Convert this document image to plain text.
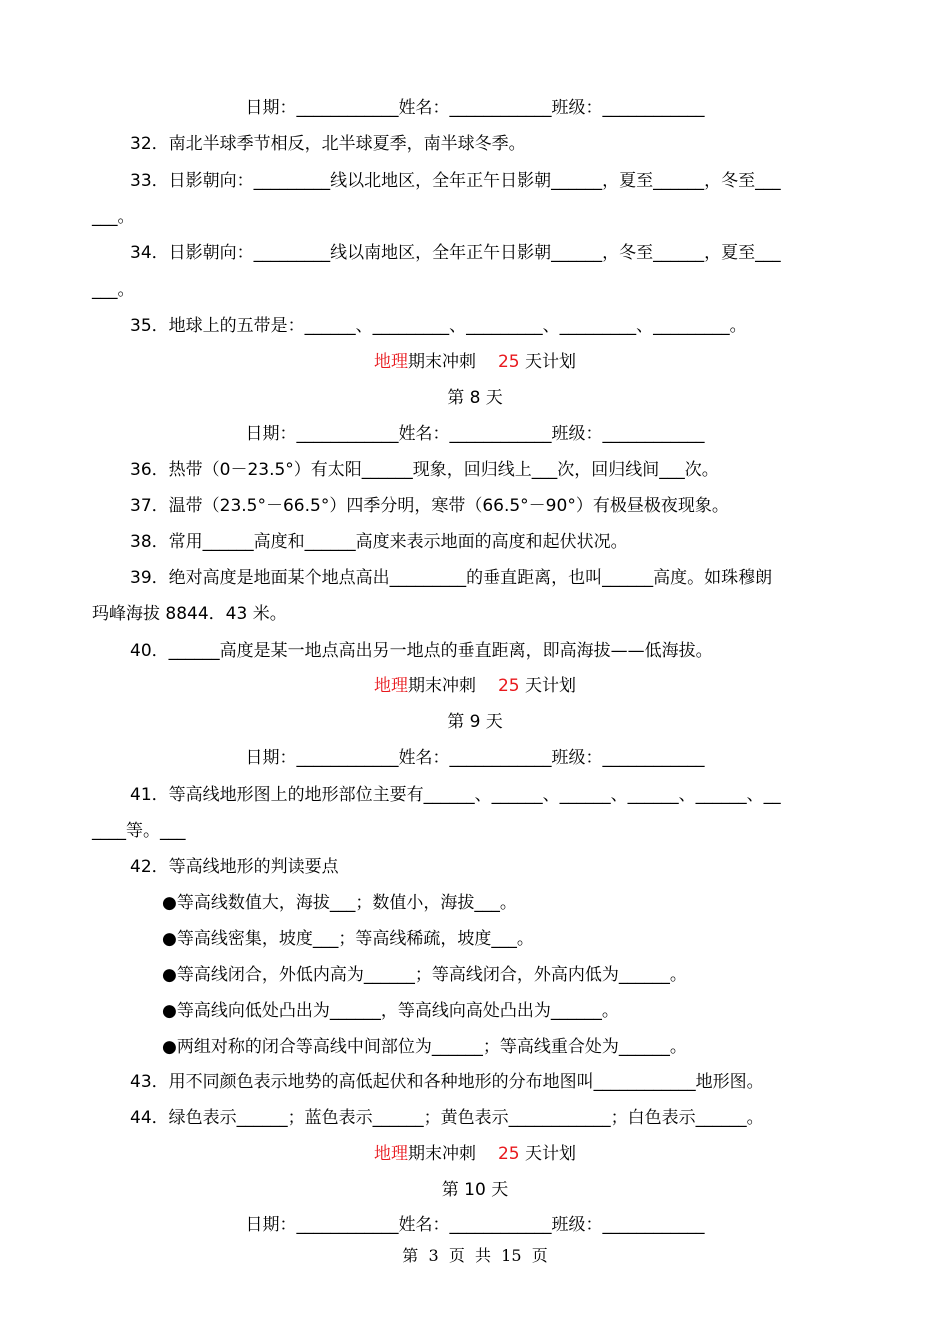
日期：____________姓名：____________班级：____________
32．南北半球季节相反，北半球夏季，南半球冬季。
33．日影朝向：_________线以北地区，全年正午日影朝______，夏至______，冬至___
___。
34．日影朝向：_________线以南地区，全年正午日影朝______，冬至______，夏至___
___。
35．地球上的五带是：______、_________、_________、_________、_________。
地理期末冲刺 25 天计划
第 8 天
日期：____________姓名：____________班级：____________
36．热带（0－23.5°）有太阳______现象，回归线上___次，回归线间___次。
37．温带（23.5°－66.5°）四季分明，寒带（66.5°－90°）有极昼极夜现象。
38．常用______高度和______高度来表示地面的高度和起伏状况。
39．绝对高度是地面某个地点高出_________的垂直距离，也叫______高度。如珠穆朗
玛峰海拔 8844．43 米。
40．______高度是某一地点高出另一地点的垂直距离，即高海拔——低海拔。
地理期末冲刺 25 天计划
第 9 天
日期：____________姓名：____________班级：____________
41．等高线地形图上的地形部位主要有______、______、______、______、______、__
____等。___
42．等高线地形的判读要点
●等高线数值大，海拔___；数值小，海拔___。
●等高线密集，坡度___；等高线稀疏，坡度___。
●等高线闭合，外低内高为______；等高线闭合，外高内低为______。
●等高线向低处凸出为______，等高线向高处凸出为______。
●两组对称的闭合等高线中间部位为______；等高线重合处为______。
43．用不同颜色表示地势的高低起伏和各种地形的分布地图叫____________地形图。
44．绿色表示______；蓝色表示______；黄色表示____________；白色表示______。
地理期末冲刺 25 天计划
第 10 天
日期：____________姓名：____________班级：____________
第  3  页  共  15  页
